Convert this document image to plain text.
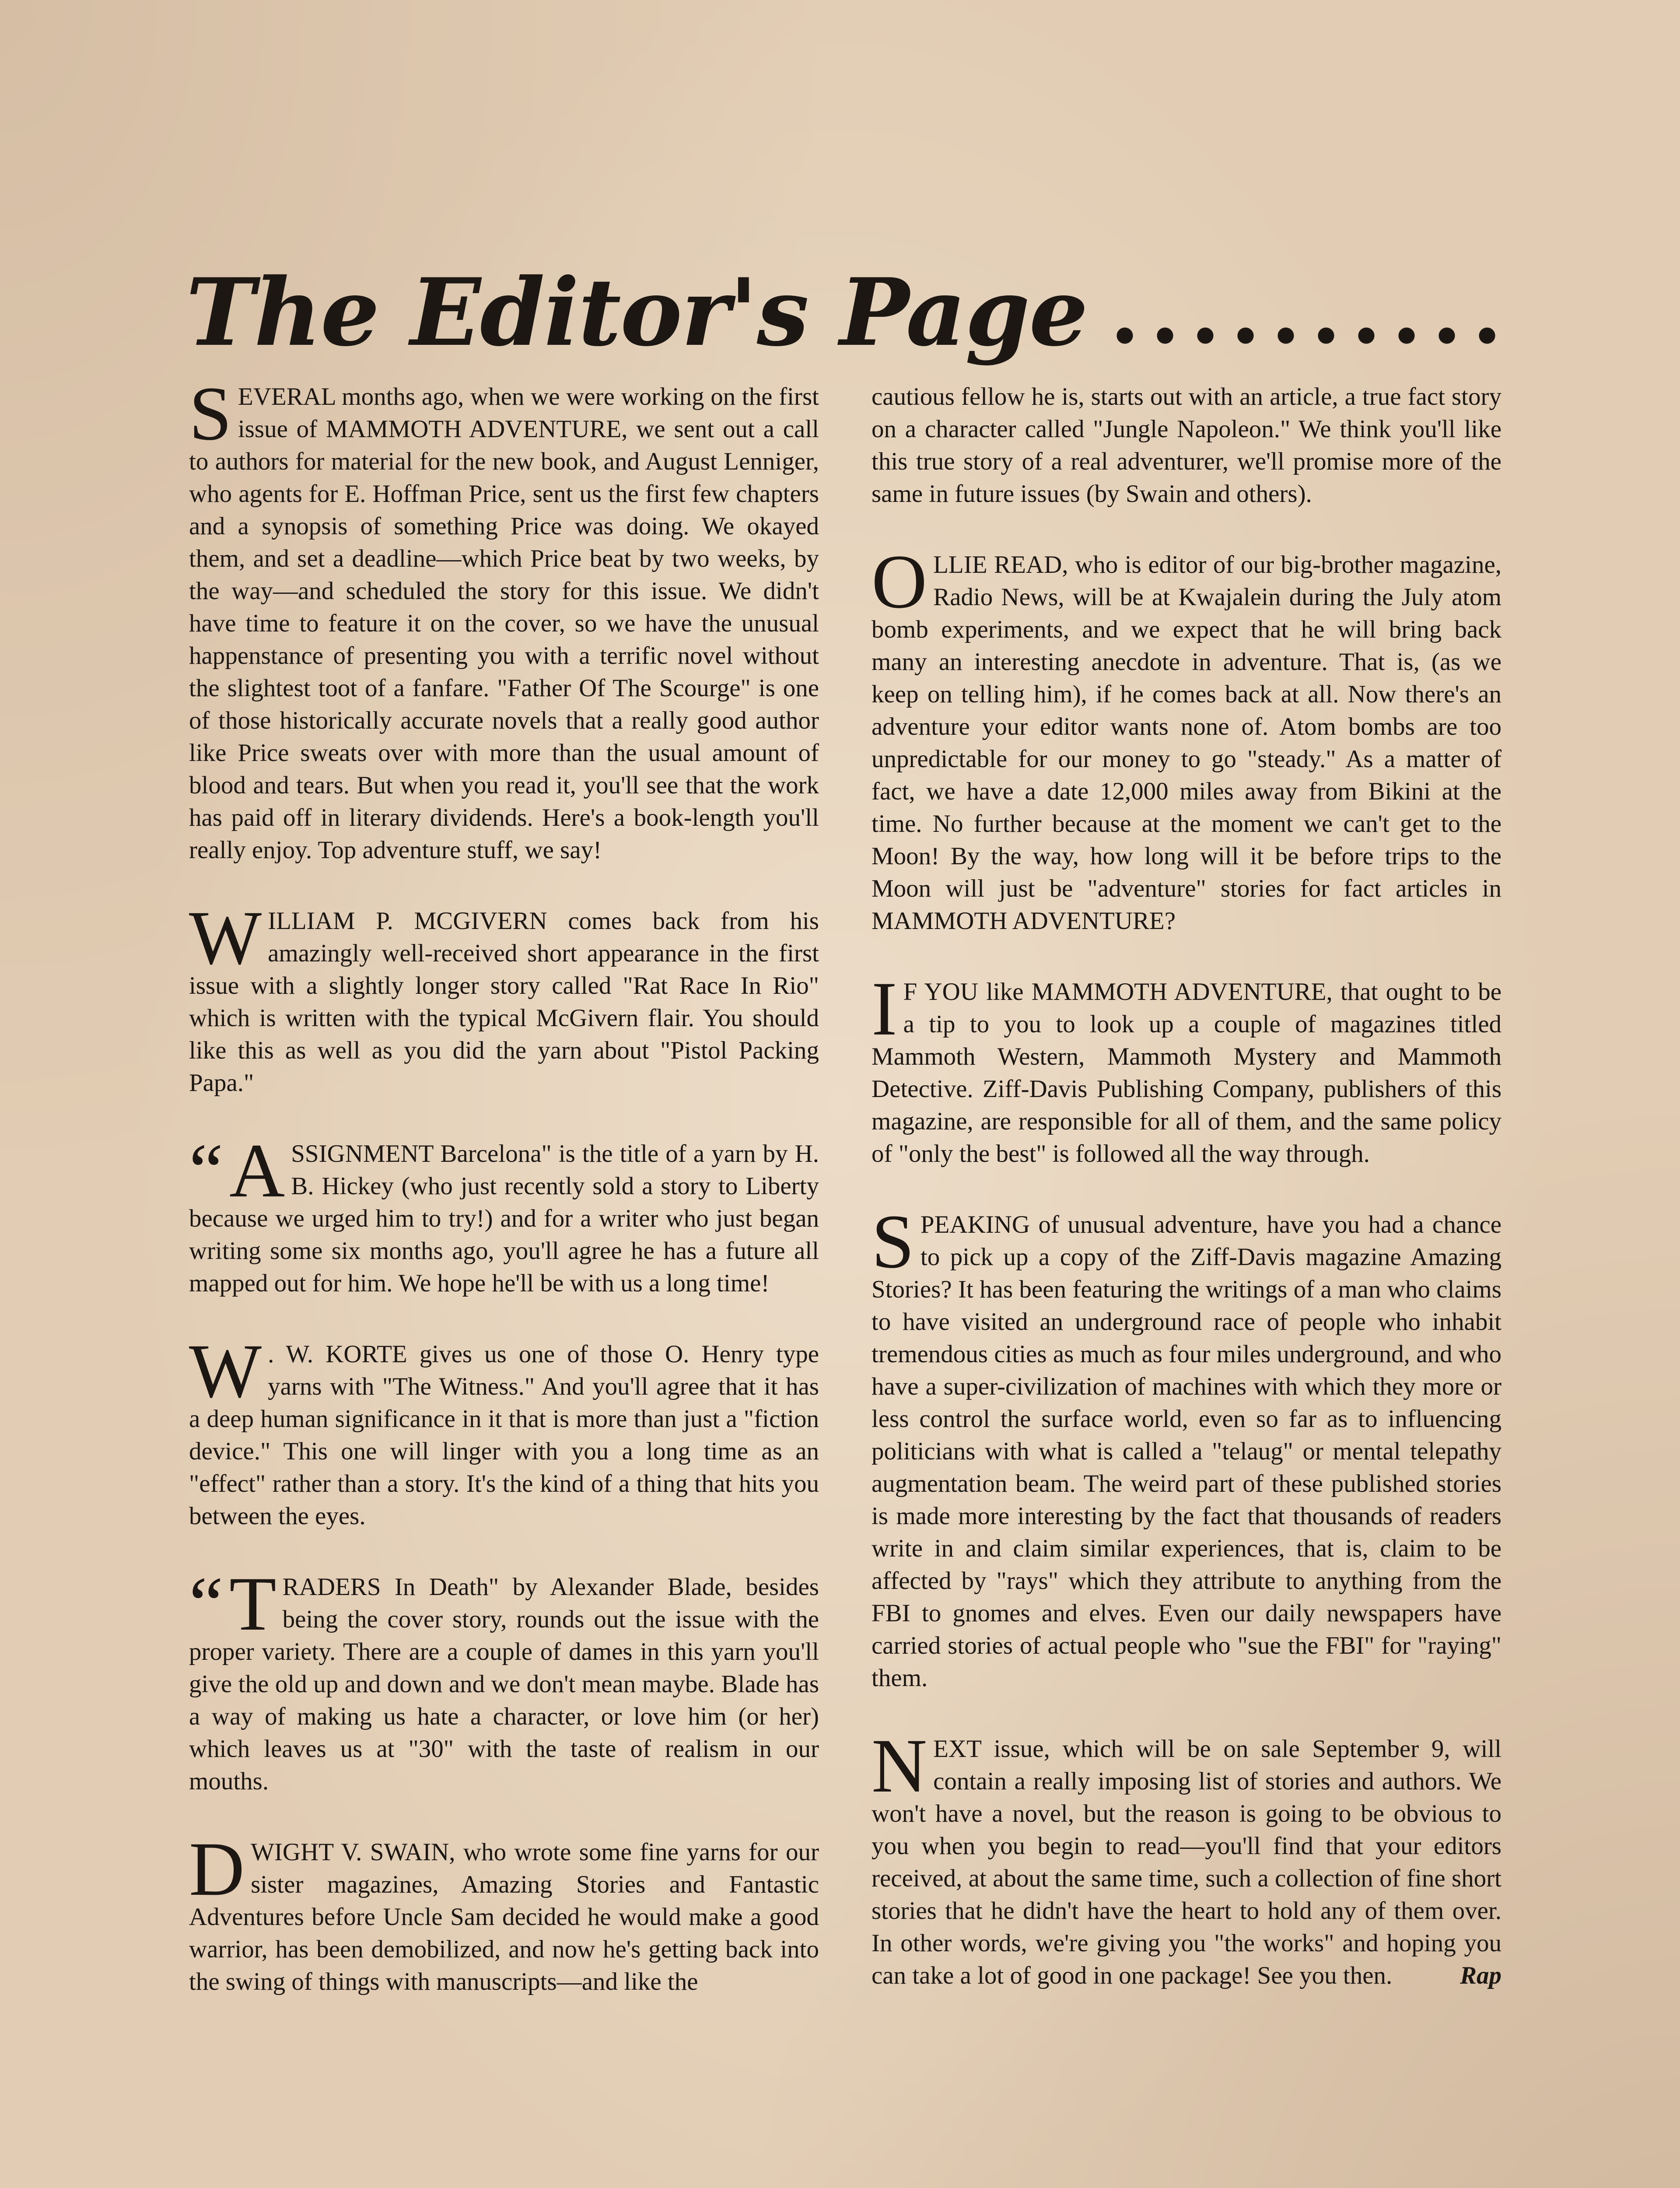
The Editor's Page

SEVERAL months ago, when we were working on the first issue of MAMMOTH ADVENTURE, we sent out a call to authors for material for the new book, and August Lenniger, who agents for E. Hoffman Price, sent us the first few chapters and a synopsis of something Price was doing. We okayed them, and set a deadline—which Price beat by two weeks, by the way—and scheduled the story for this issue. We didn't have time to feature it on the cover, so we have the unusual happenstance of presenting you with a terrific novel without the slightest toot of a fanfare. "Father Of The Scourge" is one of those historically accurate novels that a really good author like Price sweats over with more than the usual amount of blood and tears. But when you read it, you'll see that the work has paid off in literary dividends. Here's a book-length you'll really enjoy. Top adventure stuff, we say!

WILLIAM P. MCGIVERN comes back from his amazingly well-received short appearance in the first issue with a slightly longer story called "Rat Race In Rio" which is written with the typical McGivern flair. You should like this as well as you did the yarn about "Pistol Packing Papa."

“ A SSIGNMENT Barcelona" is the title of a yarn by H. B. Hickey (who just recently sold a story to Liberty because we urged him to try!) and for a writer who just began writing some six months ago, you'll agree he has a future all mapped out for him. We hope he'll be with us a long time!

W . W. KORTE gives us one of those O. Henry type yarns with "The Witness." And you'll agree that it has a deep human significance in it that is more than just a "fiction device." This one will linger with you a long time as an "effect" rather than a story. It's the kind of a thing that hits you between the eyes.

“ T RADERS In Death" by Alexander Blade, besides being the cover story, rounds out the issue with the proper variety. There are a couple of dames in this yarn you'll give the old up and down and we don't mean maybe. Blade has a way of making us hate a character, or love him (or her) which leaves us at "30" with the taste of realism in our mouths.

DWIGHT V. SWAIN, who wrote some fine yarns for our sister magazines, Amazing Stories and Fantastic Adventures before Uncle Sam decided he would make a good warrior, has been demobilized, and now he's getting back into the swing of things with manuscripts—and like the

cautious fellow he is, starts out with an article, a true fact story on a character called "Jungle Napoleon." We think you'll like this true story of a real adventurer, we'll promise more of the same in future issues (by Swain and others).

OLLIE READ, who is editor of our big-brother magazine, Radio News, will be at Kwajalein during the July atom bomb experiments, and we expect that he will bring back many an interesting anecdote in adventure. That is, (as we keep on telling him), if he comes back at all. Now there's an adventure your editor wants none of. Atom bombs are too unpredictable for our money to go "steady." As a matter of fact, we have a date 12,000 miles away from Bikini at the time. No further because at the moment we can't get to the Moon! By the way, how long will it be before trips to the Moon will just be "adventure" stories for fact articles in MAMMOTH ADVENTURE?

IF YOU like MAMMOTH ADVENTURE, that ought to be a tip to you to look up a couple of magazines titled Mammoth Western, Mammoth Mystery and Mammoth Detective. Ziff-Davis Publishing Company, publishers of this magazine, are responsible for all of them, and the same policy of "only the best" is followed all the way through.

SPEAKING of unusual adventure, have you had a chance to pick up a copy of the Ziff-Davis magazine Amazing Stories? It has been featuring the writings of a man who claims to have visited an underground race of people who inhabit tremendous cities as much as four miles underground, and who have a super-civilization of machines with which they more or less control the surface world, even so far as to influencing politicians with what is called a "telaug" or mental telepathy augmentation beam. The weird part of these published stories is made more interesting by the fact that thousands of readers write in and claim similar experiences, that is, claim to be affected by "rays" which they attribute to anything from the FBI to gnomes and elves. Even our daily newspapers have carried stories of actual people who "sue the FBI" for "raying" them.

NEXT issue, which will be on sale September 9, will contain a really imposing list of stories and authors. We won't have a novel, but the reason is going to be obvious to you when you begin to read—you'll find that your editors received, at about the same time, such a collection of fine short stories that he didn't have the heart to hold any of them over. In other words, we're giving you "the works" and hoping you can take a lot of good in one package! See you then.	Rap
